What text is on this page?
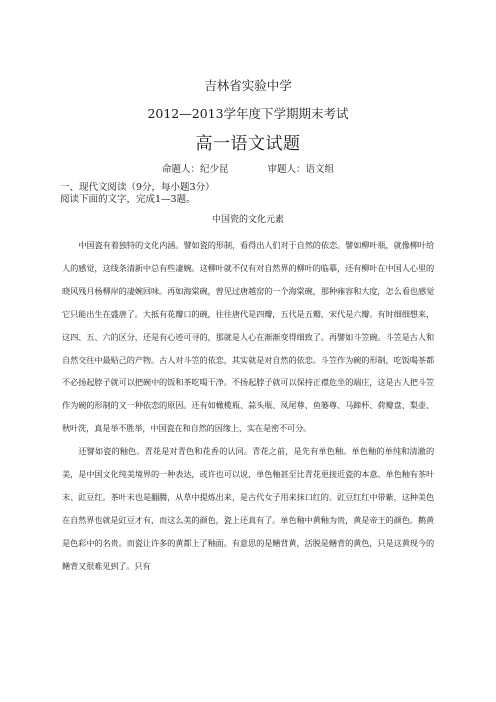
吉林省实验中学
2012—2013学年度下学期期末考试
高一语文试题
命题人：纪少昆	审题人：语文组
一、现代文阅读（9分，每小题3分）
阅读下面的文字，完成1—3题。
中国瓷的文化元素

中国瓷有着独特的文化内涵。譬如瓷的形制，看得出人们对于自然的依恋。譬如柳叶瓶，就像柳叶给人的感觉，这线条清新中总有些凄婉。这柳叶就不仅有对自然界的柳叶的临摹，还有柳叶在中国人心里的晓风残月杨柳岸的凄婉回味。再如海棠碗，曾见过唐越窑的一个海棠碗，那种雍容和大度，怎么看也感觉它只能出生在盛唐了。大抵有花瓣口的碗，往往唐代是四瓣，五代是五瓣，宋代是六瓣。有时细细想来，这四、五、六的区分，还是有心迹可寻的，那就是人心在渐渐变得细致了。再譬如斗笠碗。斗笠是古人和自然交往中最贴己的产物。古人对斗笠的依恋，其实就是对自然的依恋。斗笠作为碗的形制，吃饭喝茶都不必扬起脖子就可以把碗中的饭和茶吃喝干净。不扬起脖子就可以保持正襟危坐的端庄，这是古人把斗笠作为碗的形制的又一种依恋的原因。还有如橄榄瓶、蒜头瓶、凤尾尊、鱼篓尊、马蹄杯、荷瓣盘、梨壶、秋叶洗，真是举不胜举，中国瓷在和自然的因缘上，实在是密不可分。

还譬如瓷的釉色。青花是对青色和花香的认同。青花之前，是先有单色釉。单色釉的单纯和清澈的美，是中国文化纯美境界的一种表达，或许也可以说，单色釉甚至比青花更接近瓷的本意。单色釉有茶叶末、豇豆红。茶叶末也是翻腾，从草中提炼出来，是古代女子用来抹口红的。豇豆红红中带紫，这种美色在自然界也就是豇豆才有，而这么美的颜色，瓷上还真有了。单色釉中黄釉为贵，黄是帝王的颜色。鹅黄是色彩中的名贵。而瓷让许多的黄都上了釉面。有意思的是鳝背黄，活脱是鳝背的黄色，只是这黄现今的鳝背又很难见到了。只有
